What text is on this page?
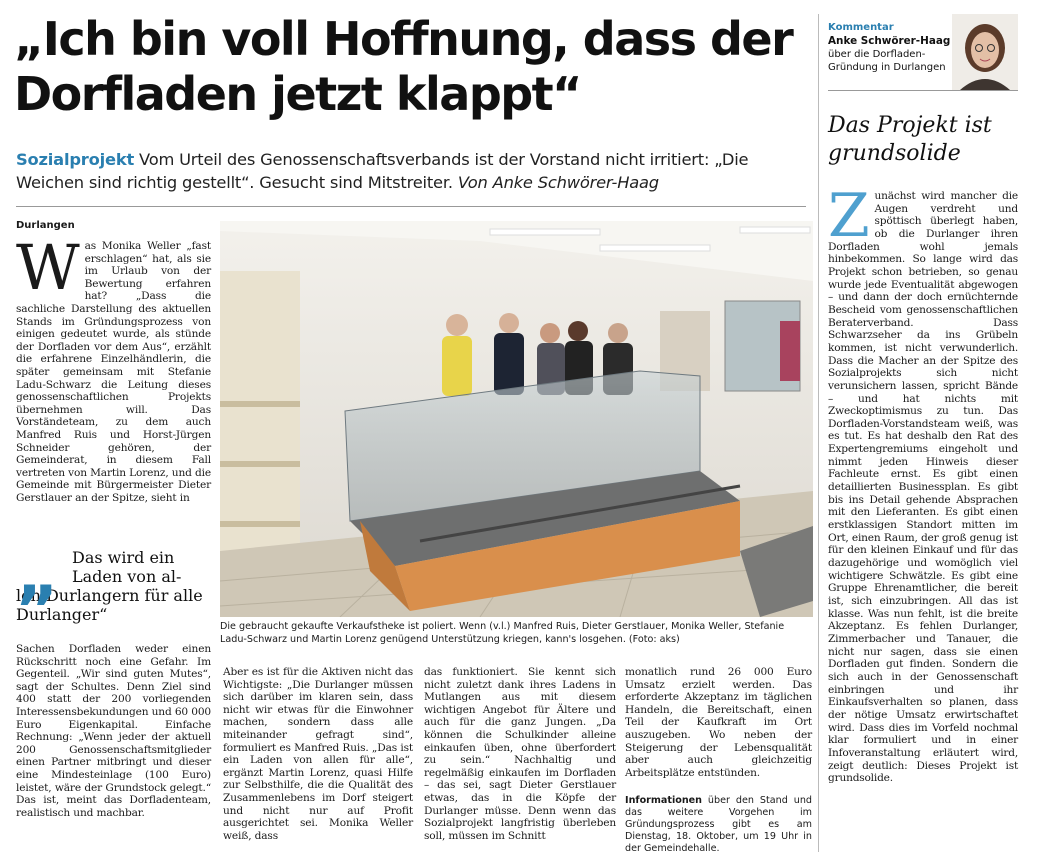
„Ich bin voll Hoffnung, dass der Dorfladen jetzt klappt“
Sozialprojekt Vom Urteil des Genossenschaftsverbands ist der Vorstand nicht irritiert: „Die Weichen sind richtig gestellt“. Gesucht sind Mitstreiter. Von Anke Schwörer-Haag
Durlangen

Was Monika Weller „fast erschlagen“ hat, als sie im Urlaub von der Bewertung erfahren hat? „Dass die sachliche Darstellung des aktuellen Stands im Gründungsprozess von einigen gedeutet wurde, als stünde der Dorfladen vor dem Aus“, erzählt die erfahrene Einzelhändlerin, die später gemeinsam mit Stefanie Ladu-Schwarz die Leitung dieses genossenschaftlichen Projekts übernehmen will. Das Vorständeteam, zu dem auch Manfred Ruis und Horst-Jürgen Schneider gehören, der Gemeinderat, in diesem Fall vertreten von Martin Lorenz, und die Gemeinde mit Bürgermeister Dieter Gerstlauer an der Spitze, sieht in

„ Das wird ein Laden von al-

len Durlangern für alle Durlanger“

Sachen Dorfladen weder einen Rückschritt noch eine Gefahr. Im Gegenteil. „Wir sind guten Mutes“, sagt der Schultes. Denn Ziel sind 400 statt der 200 vorliegenden Interessensbekundungen und 60 000 Euro Eigenkapital. Einfache Rechnung: „Wenn jeder der aktuell 200 Genossenschaftsmitglieder einen Partner mitbringt und dieser eine Mindesteinlage (100 Euro) leistet, wäre der Grundstock gelegt.“ Das ist, meint das Dorfladenteam, realistisch und machbar.

Aber es ist für die Aktiven nicht das Wichtigste: „Die Durlanger müssen sich darüber im klaren sein, dass nicht wir etwas für die Einwohner machen, sondern dass alle miteinander gefragt sind“, formuliert es Manfred Ruis. „Das ist ein Laden von allen für alle“, ergänzt Martin Lorenz, quasi Hilfe zur Selbsthilfe, die die Qualität des Zusammenlebens im Dorf steigert und nicht nur auf Profit ausgerichtet sei. Monika Weller weiß, dass

das funktioniert. Sie kennt sich nicht zuletzt dank ihres Ladens in Mutlangen aus mit diesem wichtigen Angebot für Ältere und auch für die ganz Jungen. „Da können die Schulkinder alleine einkaufen üben, ohne überfordert zu sein.“ Nachhaltig und regelmäßig einkaufen im Dorfladen – das sei, sagt Dieter Gerstlauer etwas, das in die Köpfe der Durlanger müsse. Denn wenn das Sozialprojekt langfristig überleben soll, müssen im Schnitt

monatlich rund 26 000 Euro Umsatz erzielt werden. Das erforderte Akzeptanz im täglichen Handeln, die Bereitschaft, einen Teil der Kaufkraft im Ort auszugeben. Wo neben der Steigerung der Lebensqualität aber auch gleichzeitig Arbeitsplätze entstünden.

Informationen über den Stand und das weitere Vorgehen im Gründungsprozess gibt es am Dienstag, 18. Oktober, um 19 Uhr in der Gemeindehalle.
Die gebraucht gekaufte Verkaufstheke ist poliert. Wenn (v.l.) Manfred Ruis, Dieter Gerstlauer, Monika Weller, Stefanie Ladu-Schwarz und Martin Lorenz genügend Unterstützung kriegen, kann's losgehen. (Foto: aks)
Kommentar
Anke Schwörer-Haag
über die Dorfladen-Gründung in Durlangen
Das Projekt ist grundsolide

Zunächst wird mancher die Augen verdreht und spöttisch überlegt haben, ob die Durlanger ihren Dorfladen wohl jemals hinbekommen. So lange wird das Projekt schon betrieben, so genau wurde jede Eventualität abgewogen – und dann der doch ernüchternde Bescheid vom genossenschaftlichen Beraterverband. Dass Schwarzseher da ins Grübeln kommen, ist nicht verwunderlich. Dass die Macher an der Spitze des Sozialprojekts sich nicht verunsichern lassen, spricht Bände – und hat nichts mit Zweckoptimismus zu tun. Das Dorfladen-Vorstandsteam weiß, was es tut. Es hat deshalb den Rat des Expertengremiums eingeholt und nimmt jeden Hinweis dieser Fachleute ernst. Es gibt einen detaillierten Businessplan. Es gibt bis ins Detail gehende Absprachen mit den Lieferanten. Es gibt einen erstklassigen Standort mitten im Ort, einen Raum, der groß genug ist für den kleinen Einkauf und für das dazugehörige und womöglich viel wichtigere Schwätzle. Es gibt eine Gruppe Ehrenamtlicher, die bereit ist, sich einzubringen. All das ist klasse. Was nun fehlt, ist die breite Akzeptanz. Es fehlen Durlanger, Zimmerbacher und Tanauer, die nicht nur sagen, dass sie einen Dorfladen gut finden. Sondern die sich auch in der Genossenschaft einbringen und ihr Einkaufsverhalten so planen, dass der nötige Umsatz erwirtschaftet wird. Dass dies im Vorfeld nochmal klar formuliert und in einer Infoveranstaltung erläutert wird, zeigt deutlich: Dieses Projekt ist grundsolide.
